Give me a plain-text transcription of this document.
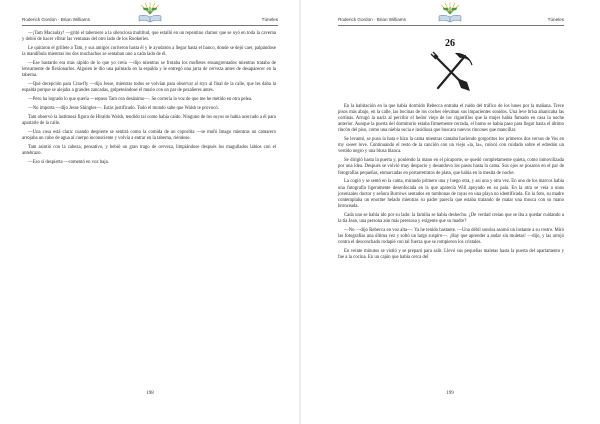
Roderick Gordon · Brian Williams	Túneles

—¡Tam Macaulay! —gritó el tabernero a la silenciosa multitud, que estalló en un repentino clamor que se oyó en toda la caverna y debió de hacer vibrar las ventanas del otro lado de los Rookeries.

Le quitaron el grillete a Tam, y sus amigos corrieron hasta él y le ayudaron a llegar hasta el banco, donde se dejó caer, palpándose la mandíbula mientras los dos muchachos se sentaban uno a cada lado de él.

—Ese bastardo era más rápido de lo que yo creía —dijo mientras se frotaba los mofletes ensangrentados mientras trataba de lenvamente de flexionarlos. Alguien le dio una palmada en la espalda y le entregó una jarra de cerveza antes de desaparecer en la taberna.

—Qué decepción para Crawfly —dijo Jesse, mientras todos se volvían para observar al styx al final de la calle, que les daba la espalda porque se alejaba a grandes zancadas, golpeteándose el muslo con un par de pezañeres antes.

—Pero ha logrado lo que quería —repuso Tam con desánimo—. Se correría la voz de que me he metido en otra pelea.

—No importa —dijo Jesse Shingles—. Estás justificado. Todo el mundo sabe que Walsh te provocó.

Tam observó la lastimosa figura de Hiraldo Walsh, tendido tal como había caído. Ninguno de los suyos se había acercado a él para apartarle de la calle.

—Una cosa está clara: cuando despierte se sentirá como la comida de un coprolita —se mofó Imago mientras un camarero arrojaba un cubo de agua al cuerpo inconsciente y volvía a entrar en la taberna, riéndose.

Tam asintió con la cabeza, pensativo, y bebió un gran trago de cerveza, limpiándose después los magullados labios con el antebrazo.

—Eso sí despierta —comentó en voz baja.

198
Roderick Gordon · Brian Williams	Túneles
26

En la habitación en la que había dormido Rebecca entraba el ruido del tráfico de los lunes por la mañana. Trece pisos más abajo, en la calle, las bocinas de los coches elevaban sus impacientes sonidos. Una leve brisa abanicaba las cortinas. Arrugó la nariz al percibir el hedor viejo de los cigarrillos que la mujer había fumado en casa la noche anterior. Aunque la puerta del dormitorio estaba firmemente cerrada, el humo se había paso para llegar hasta el último rincón del piso, como una niebla sucia e insidiosa que buscara nuevos rincones que mancillar.

Se levantó, se puso la bata e hizo la cama mientras cantaba haciendo gorgoritos los primeros dos versos de Vos en my sweet love. Continuando el resto de la canción con un viejo «la, la», colocó con cuidado sobre el edredón un vestido negro y una blusa blanca.

Se dirigió hasta la puerta y, poniendo la mano en el picaporte, se quedó completamente quieta, como inmovilizada por una idea. Después se volvió muy despacio y desanduvo los pasos hasta la cama. Sus ojos se posaron en el par de fotografías pequeñas, enmarcadas en portarretratos de plata, que había en la mesita de noche.

La cogió y se sentó en la cama, mirando primero una y luego otra, y así una y otra vez. En uno de los marcos había una fotografía ligeramente desenfocada en la que aparecía Will apoyado en su pala. En la otra se veía a unos jovenzales doctor y señora Burrows sentados en tumbonas de rayas en una playa no identificada. En la foto, su madre contemplaba un enorme helado mientras su padre parecía que estaba tratando de matar una mosca con su mano bronceada.

Cada uno se había ido por su lado: la familia se había deshecho. ¿De verdad creían que se iba a quedar cuidando a la tía Jean, una persona aún más perezosa y exigente que su madre?

—No —dijo Rebecca en voz alta—. Ya he tenido bastante. —Una débil sonrisa asomó un instante a su rostro. Miró las fotografías una última vez y soltó un largo suspiro—. ¡Hay que aprender a andar sin muletas! —dijo, y las arrojó contra el desconchado rodapié con tal fuerza que se rompieron los cristales.

En veinte minutos se vistió y se preparó para salir. Llevó sus pequeñas maletas hasta la puerta del apartamento y fue a la cocina. En un cajón que había cerca del

199
